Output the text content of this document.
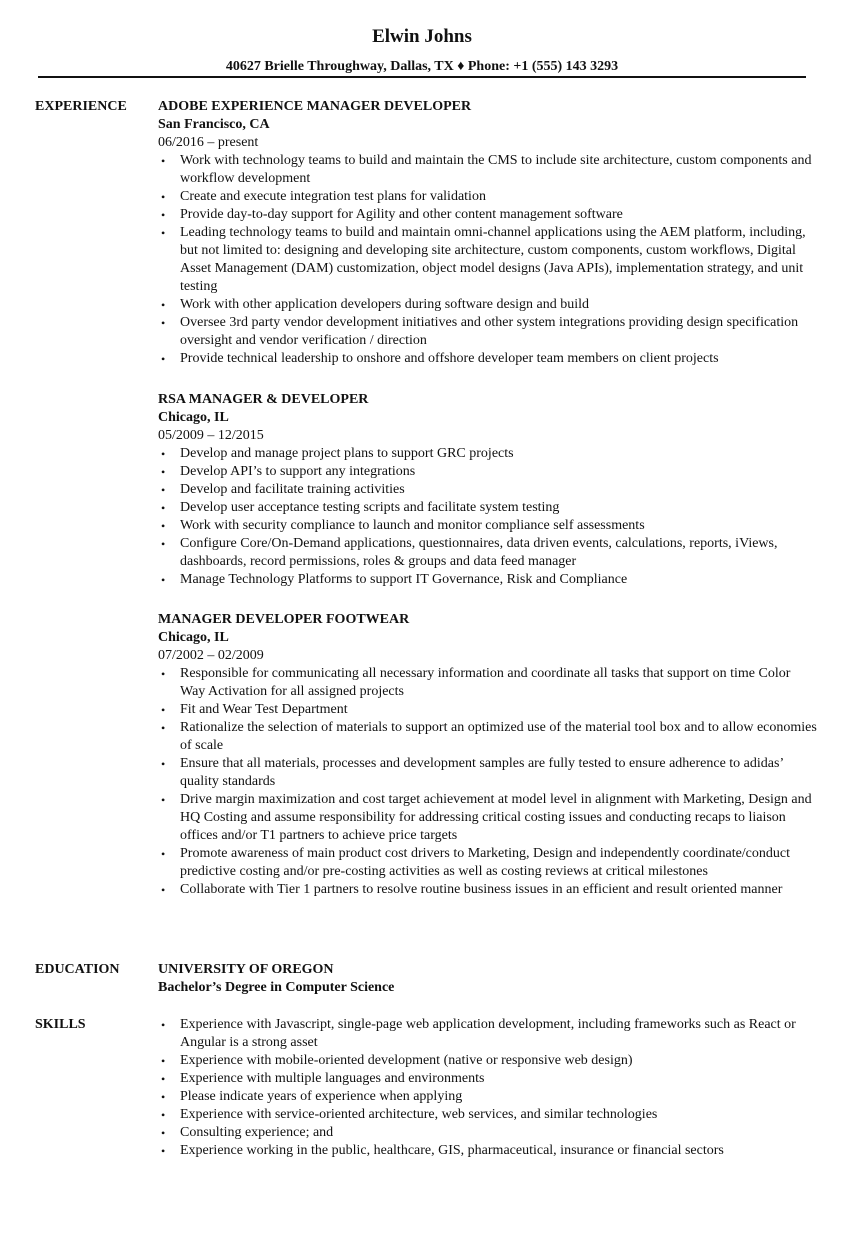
Elwin Johns
40627 Brielle Throughway, Dallas, TX ♦ Phone: +1 (555) 143 3293
EXPERIENCE ADOBE EXPERIENCE MANAGER DEVELOPER
San Francisco, CA
06/2016 – present
• Work with technology teams to build and maintain the CMS to include site architecture, custom components and workflow development
• Create and execute integration test plans for validation
• Provide day-to-day support for Agility and other content management software
• Leading technology teams to build and maintain omni-channel applications using the AEM platform, including, but not limited to: designing and developing site architecture, custom components, custom workflows, Digital Asset Management (DAM) customization, object model designs (Java APIs), implementation strategy, and unit testing
• Work with other application developers during software design and build
• Oversee 3rd party vendor development initiatives and other system integrations providing design specification oversight and vendor verification / direction
• Provide technical leadership to onshore and offshore developer team members on client projects
RSA MANAGER & DEVELOPER
Chicago, IL
05/2009 – 12/2015
• Develop and manage project plans to support GRC projects
• Develop API’s to support any integrations
• Develop and facilitate training activities
• Develop user acceptance testing scripts and facilitate system testing
• Work with security compliance to launch and monitor compliance self assessments
• Configure Core/On-Demand applications, questionnaires, data driven events, calculations, reports, iViews, dashboards, record permissions, roles & groups and data feed manager
• Manage Technology Platforms to support IT Governance, Risk and Compliance
MANAGER DEVELOPER FOOTWEAR
Chicago, IL
07/2002 – 02/2009
• Responsible for communicating all necessary information and coordinate all tasks that support on time Color Way Activation for all assigned projects
• Fit and Wear Test Department
• Rationalize the selection of materials to support an optimized use of the material tool box and to allow economies of scale
• Ensure that all materials, processes and development samples are fully tested to ensure adherence to adidas’ quality standards
• Drive margin maximization and cost target achievement at model level in alignment with Marketing, Design and HQ Costing and assume responsibility for addressing critical costing issues and conducting recaps to liaison offices and/or T1 partners to achieve price targets
• Promote awareness of main product cost drivers to Marketing, Design and independently coordinate/conduct predictive costing and/or pre-costing activities as well as costing reviews at critical milestones
• Collaborate with Tier 1 partners to resolve routine business issues in an efficient and result oriented manner
EDUCATION	UNIVERSITY OF OREGON
Bachelor’s Degree in Computer Science
SKILLS
•	Experience with Javascript, single-page web application development, including frameworks such as React or Angular is a strong asset
• Experience with mobile-oriented development (native or responsive web design)
• Experience with multiple languages and environments
• Please indicate years of experience when applying
• Experience with service-oriented architecture, web services, and similar technologies
• Consulting experience; and
• Experience working in the public, healthcare, GIS, pharmaceutical, insurance or financial sectors
